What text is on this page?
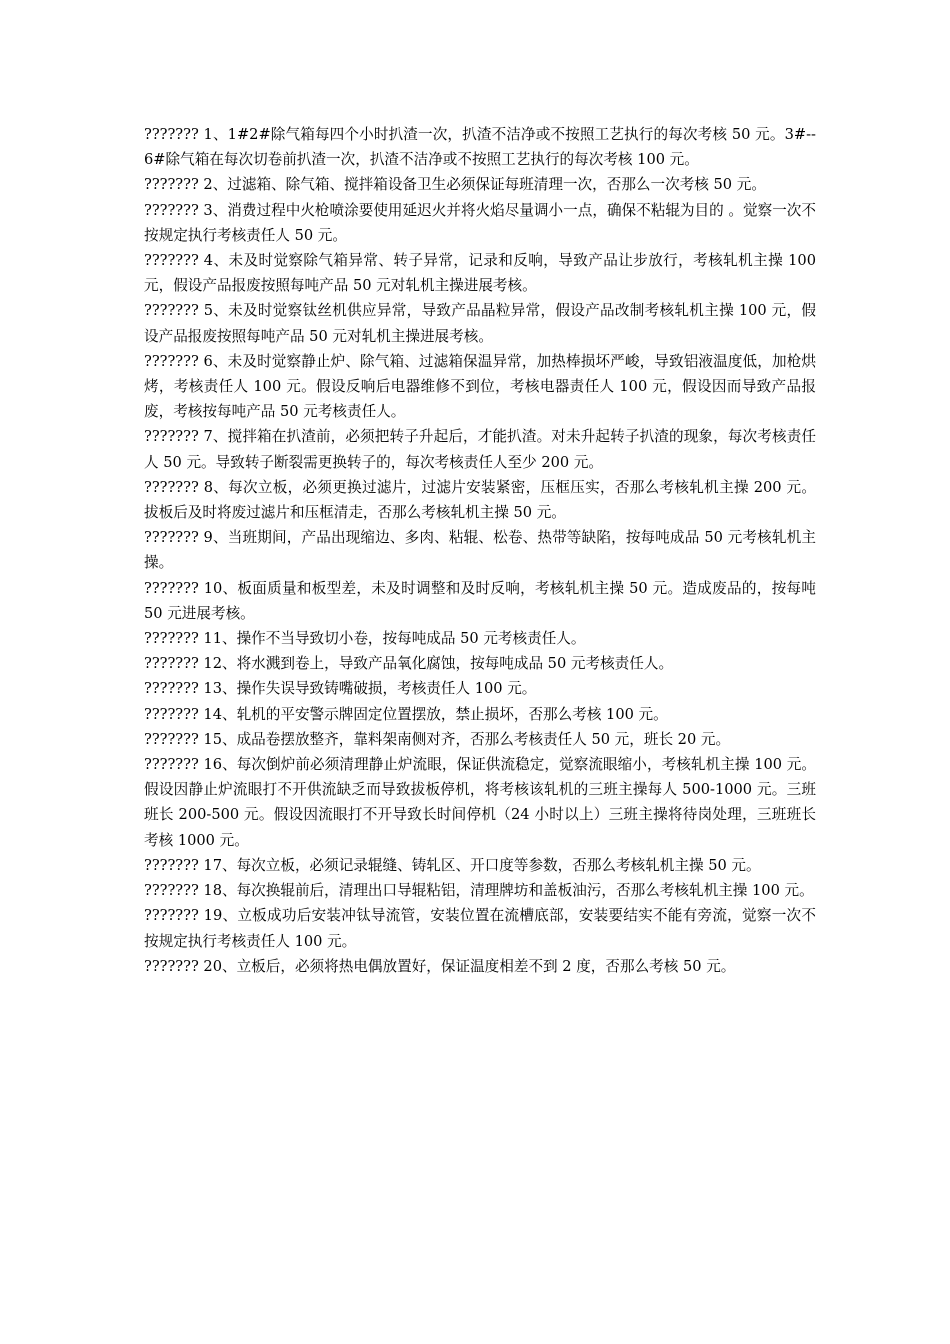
??????? 1、1#2#除气箱每四个小时扒渣一次，扒渣不洁净或不按照工艺执行的每次考核 50 元。3#--6#除气箱在每次切卷前扒渣一次，扒渣不洁净或不按照工艺执行的每次考核 100 元。

??????? 2、过滤箱、除气箱、搅拌箱设备卫生必须保证每班清理一次，否那么一次考核 50 元。

??????? 3、消费过程中火枪喷涂要使用延迟火并将火焰尽量调小一点，确保不粘辊为目的 。觉察一次不按规定执行考核责任人 50 元。

??????? 4、未及时觉察除气箱异常、转子异常，记录和反响，导致产品让步放行，考核轧机主操 100 元，假设产品报废按照每吨产品 50 元对轧机主操进展考核。

??????? 5、未及时觉察钛丝机供应异常，导致产品晶粒异常，假设产品改制考核轧机主操 100 元，假设产品报废按照每吨产品 50 元对轧机主操进展考核。

??????? 6、未及时觉察静止炉、除气箱、过滤箱保温异常，加热棒损坏严峻，导致铝液温度低，加枪烘烤，考核责任人 100 元。假设反响后电器维修不到位，考核电器责任人 100 元，假设因而导致产品报废，考核按每吨产品 50 元考核责任人。

??????? 7、搅拌箱在扒渣前，必须把转子升起后，才能扒渣。对未升起转子扒渣的现象，每次考核责任人 50 元。导致转子断裂需更换转子的，每次考核责任人至少 200 元。

??????? 8、每次立板，必须更换过滤片，过滤片安装紧密，压框压实，否那么考核轧机主操 200 元。拔板后及时将废过滤片和压框清走，否那么考核轧机主操 50 元。

??????? 9、当班期间，产品出现缩边、多肉、粘辊、松卷、热带等缺陷，按每吨成品 50 元考核轧机主操。

??????? 10、板面质量和板型差，未及时调整和及时反响，考核轧机主操 50 元。造成废品的，按每吨 50 元进展考核。

??????? 11、操作不当导致切小卷，按每吨成品 50 元考核责任人。

??????? 12、将水溅到卷上，导致产品氧化腐蚀，按每吨成品 50 元考核责任人。

??????? 13、操作失误导致铸嘴破损，考核责任人 100 元。

??????? 14、轧机的平安警示牌固定位置摆放，禁止损坏，否那么考核 100 元。

??????? 15、成品卷摆放整齐，靠料架南侧对齐，否那么考核责任人 50 元，班长 20 元。

??????? 16、每次倒炉前必须清理静止炉流眼，保证供流稳定，觉察流眼缩小，考核轧机主操 100 元。假设因静止炉流眼打不开供流缺乏而导致拔板停机，将考核该轧机的三班主操每人 500-1000 元。三班班长 200-500 元。假设因流眼打不开导致长时间停机（24 小时以上）三班主操将待岗处理，三班班长考核 1000 元。

??????? 17、每次立板，必须记录辊缝、铸轧区、开口度等参数，否那么考核轧机主操 50 元。

??????? 18、每次换辊前后，清理出口导辊粘铝，清理牌坊和盖板油污，否那么考核轧机主操 100 元。

??????? 19、立板成功后安装冲钛导流管，安装位置在流槽底部，安装要结实不能有旁流，觉察一次不按规定执行考核责任人 100 元。

??????? 20、立板后，必须将热电偶放置好，保证温度相差不到 2 度，否那么考核 50 元。
